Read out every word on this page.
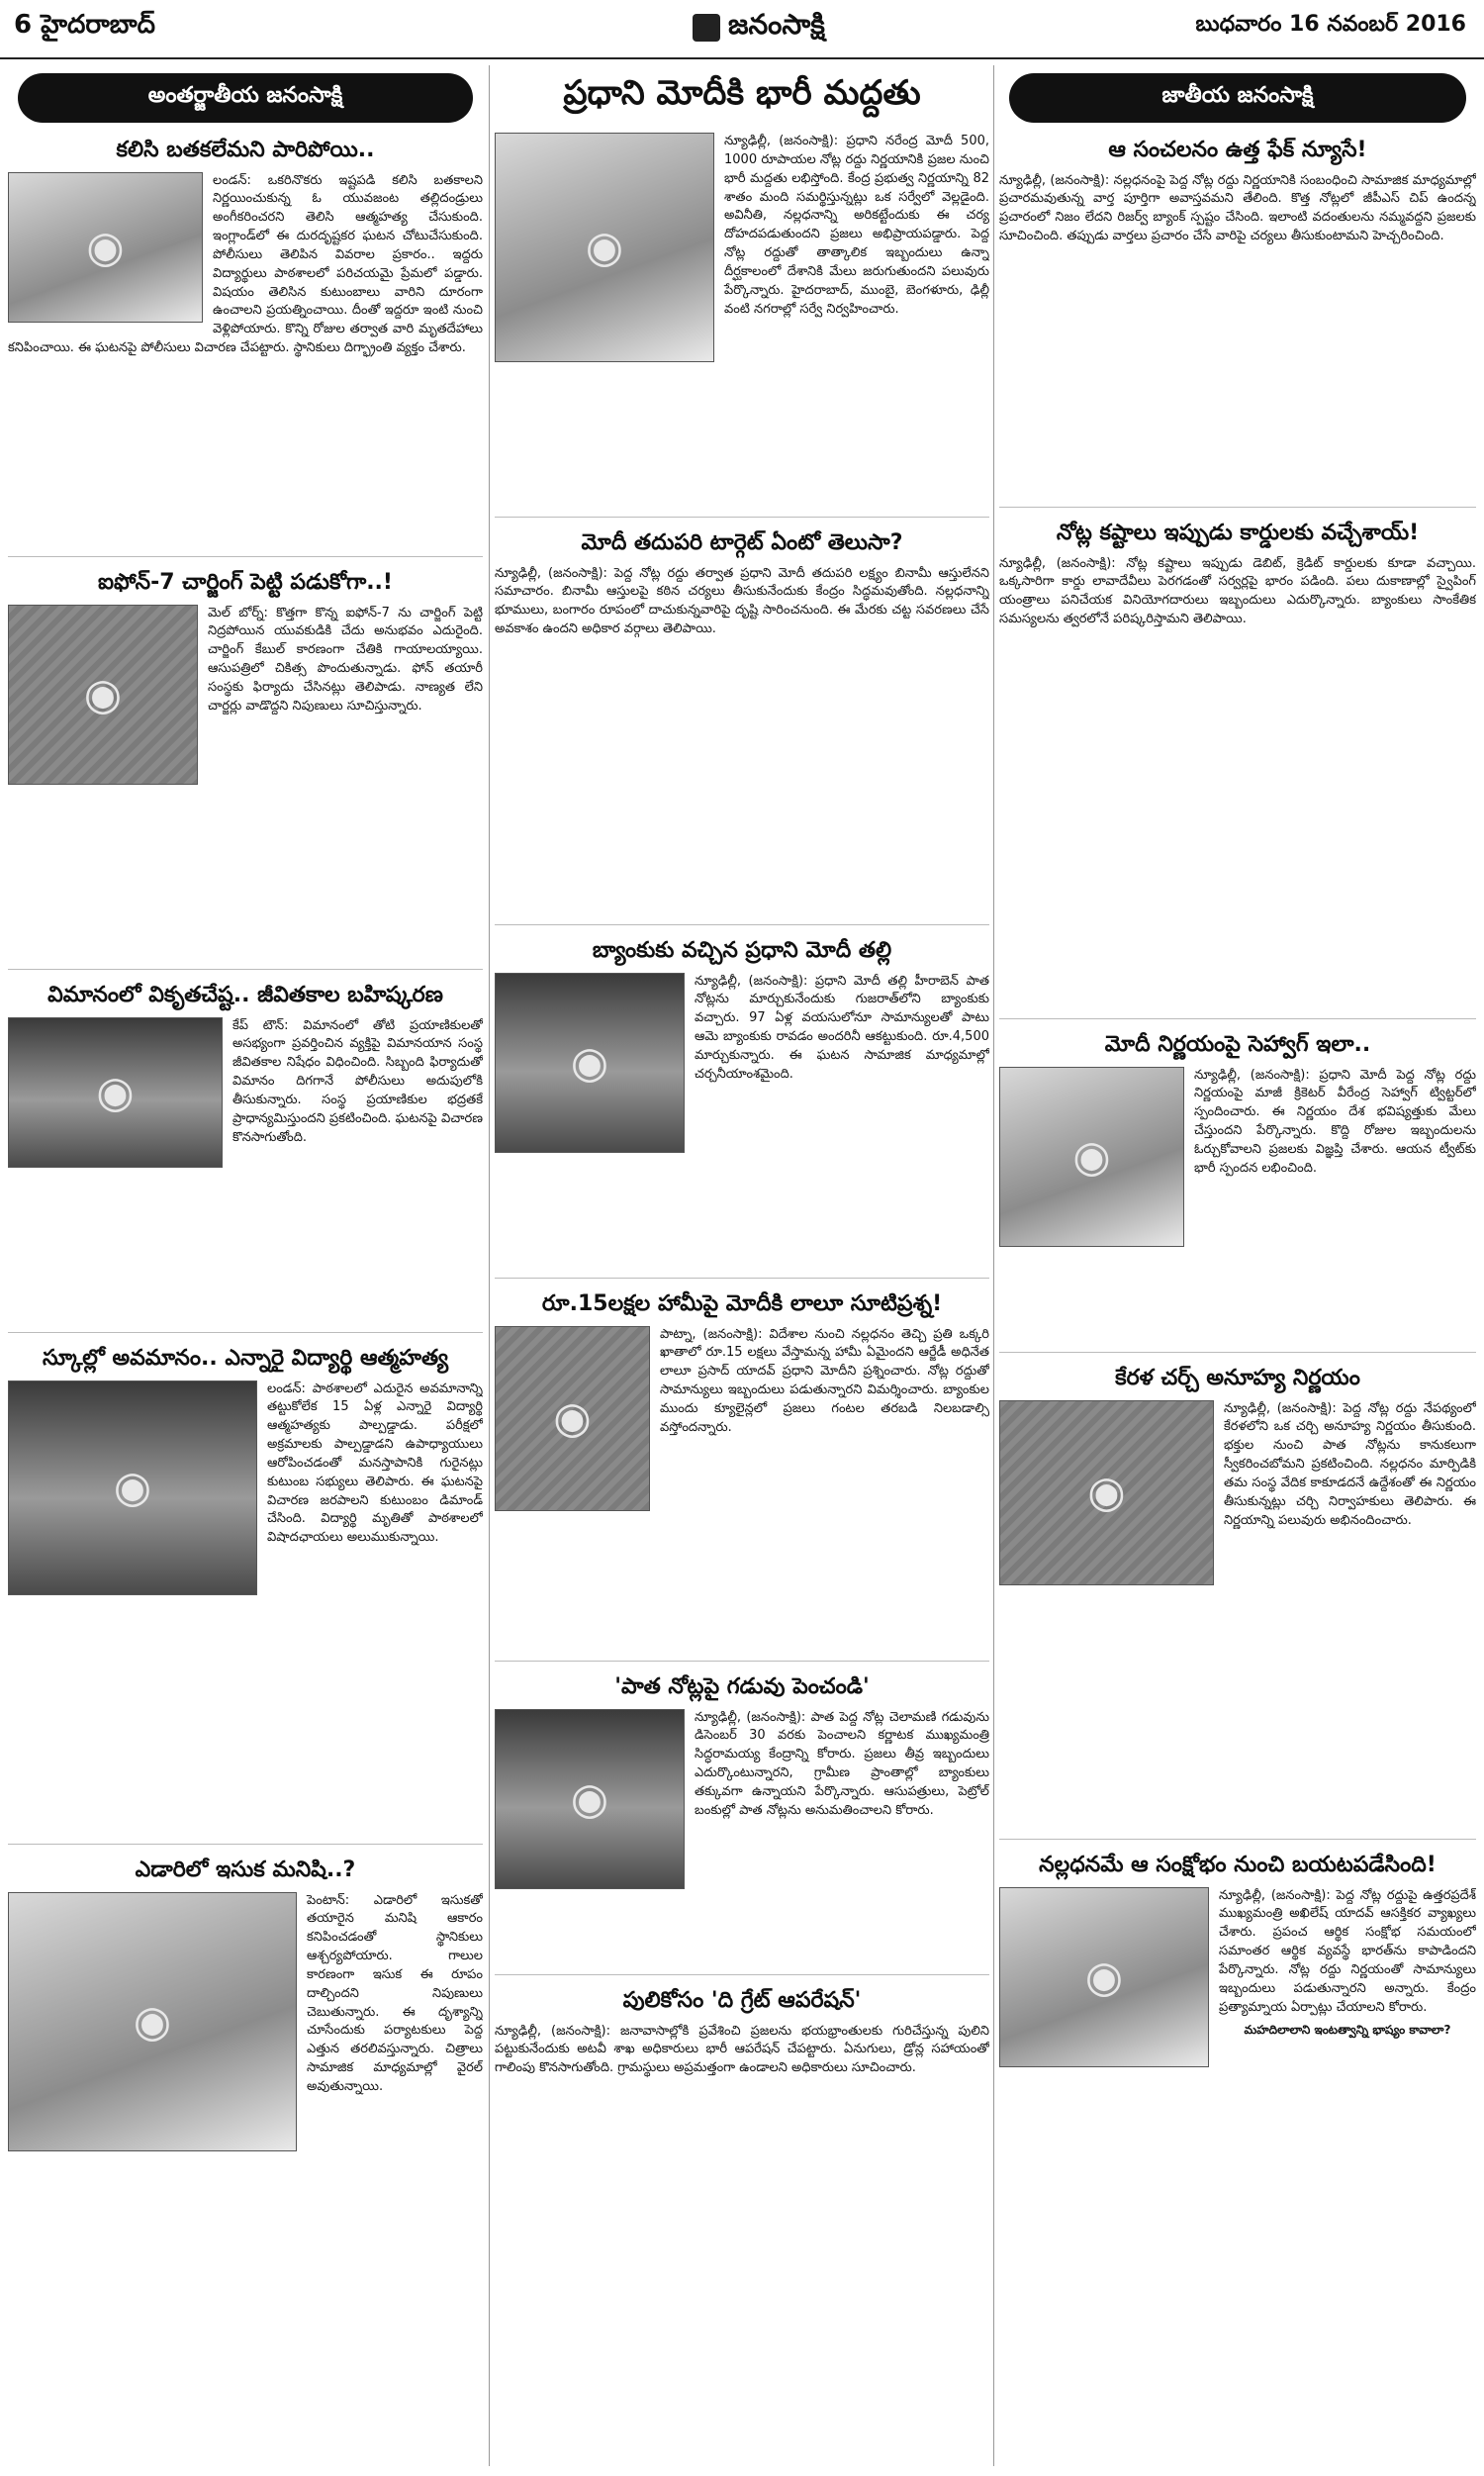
6 హైదరాబాద్	జనంసాక్షి	బుధవారం 16 నవంబర్ 2016
అంతర్జాతీయ జనంసాక్షి
కలిసి బతకలేమని పారిపోయి..
◉

లండన్: ఒకరినొకరు ఇష్టపడి కలిసి బతకాలని నిర్ణయించుకున్న ఓ యువజంట తల్లిదండ్రులు అంగీకరించరని తెలిసి ఆత్మహత్య చేసుకుంది. ఇంగ్లాండ్‌లో ఈ దురదృష్టకర ఘటన చోటుచేసుకుంది. పోలీసులు తెలిపిన వివరాల ప్రకారం.. ఇద్దరు విద్యార్థులు పాఠశాలలో పరిచయమై ప్రేమలో పడ్డారు. విషయం తెలిసిన కుటుంబాలు వారిని దూరంగా ఉంచాలని ప్రయత్నించాయి. దీంతో ఇద్దరూ ఇంటి నుంచి వెళ్లిపోయారు. కొన్ని రోజుల తర్వాత వారి మృతదేహాలు కనిపించాయి. ఈ ఘటనపై పోలీసులు విచారణ చేపట్టారు. స్థానికులు దిగ్భ్రాంతి వ్యక్తం చేశారు.

ఐఫోన్-7 చార్జింగ్ పెట్టి పడుకోగా..!
◉

మెల్ బోర్న్: కొత్తగా కొన్న ఐఫోన్-7 ను చార్జింగ్ పెట్టి నిద్రపోయిన యువకుడికి చేదు అనుభవం ఎదురైంది. చార్జింగ్ కేబుల్ కారణంగా చేతికి గాయాలయ్యాయి. ఆసుపత్రిలో చికిత్స పొందుతున్నాడు. ఫోన్ తయారీ సంస్థకు ఫిర్యాదు చేసినట్లు తెలిపాడు. నాణ్యత లేని చార్జర్లు వాడొద్దని నిపుణులు సూచిస్తున్నారు.

విమానంలో వికృతచేష్ట.. జీవితకాల బహిష్కరణ
◉

కేప్ టౌన్: విమానంలో తోటి ప్రయాణికులతో అసభ్యంగా ప్రవర్తించిన వ్యక్తిపై విమానయాన సంస్థ జీవితకాల నిషేధం విధించింది. సిబ్బంది ఫిర్యాదుతో విమానం దిగగానే పోలీసులు అదుపులోకి తీసుకున్నారు. సంస్థ ప్రయాణికుల భద్రతకే ప్రాధాన్యమిస్తుందని ప్రకటించింది. ఘటనపై విచారణ కొనసాగుతోంది.

స్కూల్లో అవమానం.. ఎన్నారై విద్యార్థి ఆత్మహత్య
◉

లండన్: పాఠశాలలో ఎదురైన అవమానాన్ని తట్టుకోలేక 15 ఏళ్ల ఎన్నారై విద్యార్థి ఆత్మహత్యకు పాల్పడ్డాడు. పరీక్షలో అక్రమాలకు పాల్పడ్డాడని ఉపాధ్యాయులు ఆరోపించడంతో మనస్తాపానికి గురైనట్లు కుటుంబ సభ్యులు తెలిపారు. ఈ ఘటనపై విచారణ జరపాలని కుటుంబం డిమాండ్ చేసింది. విద్యార్థి మృతితో పాఠశాలలో విషాదఛాయలు అలుముకున్నాయి.

ఎడారిలో ఇసుక మనిషి..?
◉

పెంటాన్: ఎడారిలో ఇసుకతో తయారైన మనిషి ఆకారం కనిపించడంతో స్థానికులు ఆశ్చర్యపోయారు. గాలుల కారణంగా ఇసుక ఈ రూపం దాల్చిందని నిపుణులు చెబుతున్నారు. ఈ దృశ్యాన్ని చూసేందుకు పర్యాటకులు పెద్ద ఎత్తున తరలివస్తున్నారు. చిత్రాలు సామాజిక మాధ్యమాల్లో వైరల్ అవుతున్నాయి.

ప్రధాని మోదీకి భారీ మద్దతు
◉

న్యూఢిల్లీ, (జనంసాక్షి): ప్రధాని నరేంద్ర మోదీ 500, 1000 రూపాయల నోట్ల రద్దు నిర్ణయానికి ప్రజల నుంచి భారీ మద్దతు లభిస్తోంది. కేంద్ర ప్రభుత్వ నిర్ణయాన్ని 82 శాతం మంది సమర్థిస్తున్నట్లు ఒక సర్వేలో వెల్లడైంది. అవినీతి, నల్లధనాన్ని అరికట్టేందుకు ఈ చర్య దోహదపడుతుందని ప్రజలు అభిప్రాయపడ్డారు. పెద్ద నోట్ల రద్దుతో తాత్కాలిక ఇబ్బందులు ఉన్నా దీర్ఘకాలంలో దేశానికి మేలు జరుగుతుందని పలువురు పేర్కొన్నారు. హైదరాబాద్, ముంబై, బెంగళూరు, ఢిల్లీ వంటి నగరాల్లో సర్వే నిర్వహించారు.

మోదీ తదుపరి టార్గెట్ ఏంటో తెలుసా?

న్యూఢిల్లీ, (జనంసాక్షి): పెద్ద నోట్ల రద్దు తర్వాత ప్రధాని మోదీ తదుపరి లక్ష్యం బినామీ ఆస్తులేనని సమాచారం. బినామీ ఆస్తులపై కఠిన చర్యలు తీసుకునేందుకు కేంద్రం సిద్ధమవుతోంది. నల్లధనాన్ని భూములు, బంగారం రూపంలో దాచుకున్నవారిపై దృష్టి సారించనుంది. ఈ మేరకు చట్ట సవరణలు చేసే అవకాశం ఉందని అధికార వర్గాలు తెలిపాయి.

బ్యాంకుకు వచ్చిన ప్రధాని మోదీ తల్లి
◉

న్యూఢిల్లీ, (జనంసాక్షి): ప్రధాని మోదీ తల్లి హీరాబెన్ పాత నోట్లను మార్చుకునేందుకు గుజరాత్‌లోని బ్యాంకుకు వచ్చారు. 97 ఏళ్ల వయసులోనూ సామాన్యులతో పాటు ఆమె బ్యాంకుకు రావడం అందరినీ ఆకట్టుకుంది. రూ.4,500 మార్చుకున్నారు. ఈ ఘటన సామాజిక మాధ్యమాల్లో చర్చనీయాంశమైంది.

రూ.15లక్షల హామీపై మోదీకి లాలూ సూటిప్రశ్న!
◉

పాట్నా, (జనంసాక్షి): విదేశాల నుంచి నల్లధనం తెచ్చి ప్రతి ఒక్కరి ఖాతాలో రూ.15 లక్షలు వేస్తామన్న హామీ ఏమైందని ఆర్జేడీ అధినేత లాలూ ప్రసాద్ యాదవ్ ప్రధాని మోదీని ప్రశ్నించారు. నోట్ల రద్దుతో సామాన్యులు ఇబ్బందులు పడుతున్నారని విమర్శించారు. బ్యాంకుల ముందు క్యూలైన్లలో ప్రజలు గంటల తరబడి నిలబడాల్సి వస్తోందన్నారు.

'పాత నోట్లపై గడువు పెంచండి'
◉

న్యూఢిల్లీ, (జనంసాక్షి): పాత పెద్ద నోట్ల చెలామణి గడువును డిసెంబర్ 30 వరకు పెంచాలని కర్ణాటక ముఖ్యమంత్రి సిద్ధరామయ్య కేంద్రాన్ని కోరారు. ప్రజలు తీవ్ర ఇబ్బందులు ఎదుర్కొంటున్నారని, గ్రామీణ ప్రాంతాల్లో బ్యాంకులు తక్కువగా ఉన్నాయని పేర్కొన్నారు. ఆసుపత్రులు, పెట్రోల్ బంకుల్లో పాత నోట్లను అనుమతించాలని కోరారు.

పులికోసం 'ది గ్రేట్ ఆపరేషన్'

న్యూఢిల్లీ, (జనంసాక్షి): జనావాసాల్లోకి ప్రవేశించి ప్రజలను భయభ్రాంతులకు గురిచేస్తున్న పులిని పట్టుకునేందుకు అటవీ శాఖ అధికారులు భారీ ఆపరేషన్ చేపట్టారు. ఏనుగులు, డ్రోన్ల సహాయంతో గాలింపు కొనసాగుతోంది. గ్రామస్థులు అప్రమత్తంగా ఉండాలని అధికారులు సూచించారు.

జాతీయ జనంసాక్షి
ఆ సంచలనం ఉత్త ఫేక్ న్యూసే!

న్యూఢిల్లీ, (జనంసాక్షి): నల్లధనంపై పెద్ద నోట్ల రద్దు నిర్ణయానికి సంబంధించి సామాజిక మాధ్యమాల్లో ప్రచారమవుతున్న వార్త పూర్తిగా అవాస్తవమని తేలింది. కొత్త నోట్లలో జీపీఎస్ చిప్ ఉందన్న ప్రచారంలో నిజం లేదని రిజర్వ్ బ్యాంక్ స్పష్టం చేసింది. ఇలాంటి వదంతులను నమ్మవద్దని ప్రజలకు సూచించింది. తప్పుడు వార్తలు ప్రచారం చేసే వారిపై చర్యలు తీసుకుంటామని హెచ్చరించింది.

నోట్ల కష్టాలు ఇప్పుడు కార్డులకు వచ్చేశాయ్!

న్యూఢిల్లీ, (జనంసాక్షి): నోట్ల కష్టాలు ఇప్పుడు డెబిట్, క్రెడిట్ కార్డులకు కూడా వచ్చాయి. ఒక్కసారిగా కార్డు లావాదేవీలు పెరగడంతో సర్వర్లపై భారం పడింది. పలు దుకాణాల్లో స్వైపింగ్ యంత్రాలు పనిచేయక వినియోగదారులు ఇబ్బందులు ఎదుర్కొన్నారు. బ్యాంకులు సాంకేతిక సమస్యలను త్వరలోనే పరిష్కరిస్తామని తెలిపాయి.

మోదీ నిర్ణయంపై సెహ్వాగ్ ఇలా..
◉

న్యూఢిల్లీ, (జనంసాక్షి): ప్రధాని మోదీ పెద్ద నోట్ల రద్దు నిర్ణయంపై మాజీ క్రికెటర్ వీరేంద్ర సెహ్వాగ్ ట్విట్టర్‌లో స్పందించారు. ఈ నిర్ణయం దేశ భవిష్యత్తుకు మేలు చేస్తుందని పేర్కొన్నారు. కొద్ది రోజుల ఇబ్బందులను ఓర్చుకోవాలని ప్రజలకు విజ్ఞప్తి చేశారు. ఆయన ట్వీట్‌కు భారీ స్పందన లభించింది.

కేరళ చర్చ్ అనూహ్య నిర్ణయం
◉

న్యూఢిల్లీ, (జనంసాక్షి): పెద్ద నోట్ల రద్దు నేపథ్యంలో కేరళలోని ఒక చర్చి అనూహ్య నిర్ణయం తీసుకుంది. భక్తుల నుంచి పాత నోట్లను కానుకలుగా స్వీకరించబోమని ప్రకటించింది. నల్లధనం మార్పిడికి తమ సంస్థ వేదిక కాకూడదనే ఉద్దేశంతో ఈ నిర్ణయం తీసుకున్నట్లు చర్చి నిర్వాహకులు తెలిపారు. ఈ నిర్ణయాన్ని పలువురు అభినందించారు.

నల్లధనమే ఆ సంక్షోభం నుంచి బయటపడేసింది!
◉

న్యూఢిల్లీ, (జనంసాక్షి): పెద్ద నోట్ల రద్దుపై ఉత్తరప్రదేశ్ ముఖ్యమంత్రి అఖిలేష్ యాదవ్ ఆసక్తికర వ్యాఖ్యలు చేశారు. ప్రపంచ ఆర్థిక సంక్షోభ సమయంలో సమాంతర ఆర్థిక వ్యవస్థే భారత్‌ను కాపాడిందని పేర్కొన్నారు. నోట్ల రద్దు నిర్ణయంతో సామాన్యులు ఇబ్బందులు పడుతున్నారని అన్నారు. కేంద్రం ప్రత్యామ్నాయ ఏర్పాట్లు చేయాలని కోరారు.

మహదిలాలాని ఇంటత్వాన్ని భాష్యం కావాలా?
